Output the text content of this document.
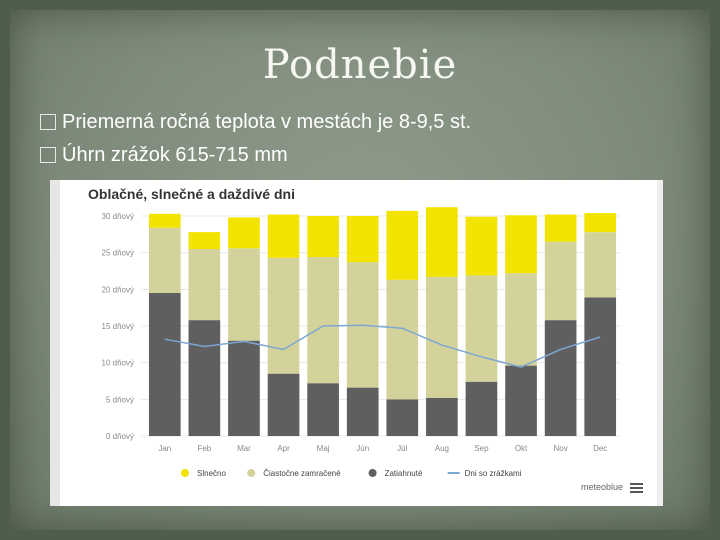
Podnebie
Priemerná ročná teplota v mestách je 8-9,5 st.
Úhrn zrážok 615-715 mm
0 dňový
5 dňový
10 dňový
15 dňový
20 dňový
25 dňový
30 dňový
Jan	Feb	Mar	Apr	Maj	Jún	Júl	Aug	Sep	Okt	Nov	Dec
Slnečno	Čiastočne zamračené	Zatiahnuté	Dni so zrážkami
Oblačné, slnečné a daždivé dni
meteoblue
